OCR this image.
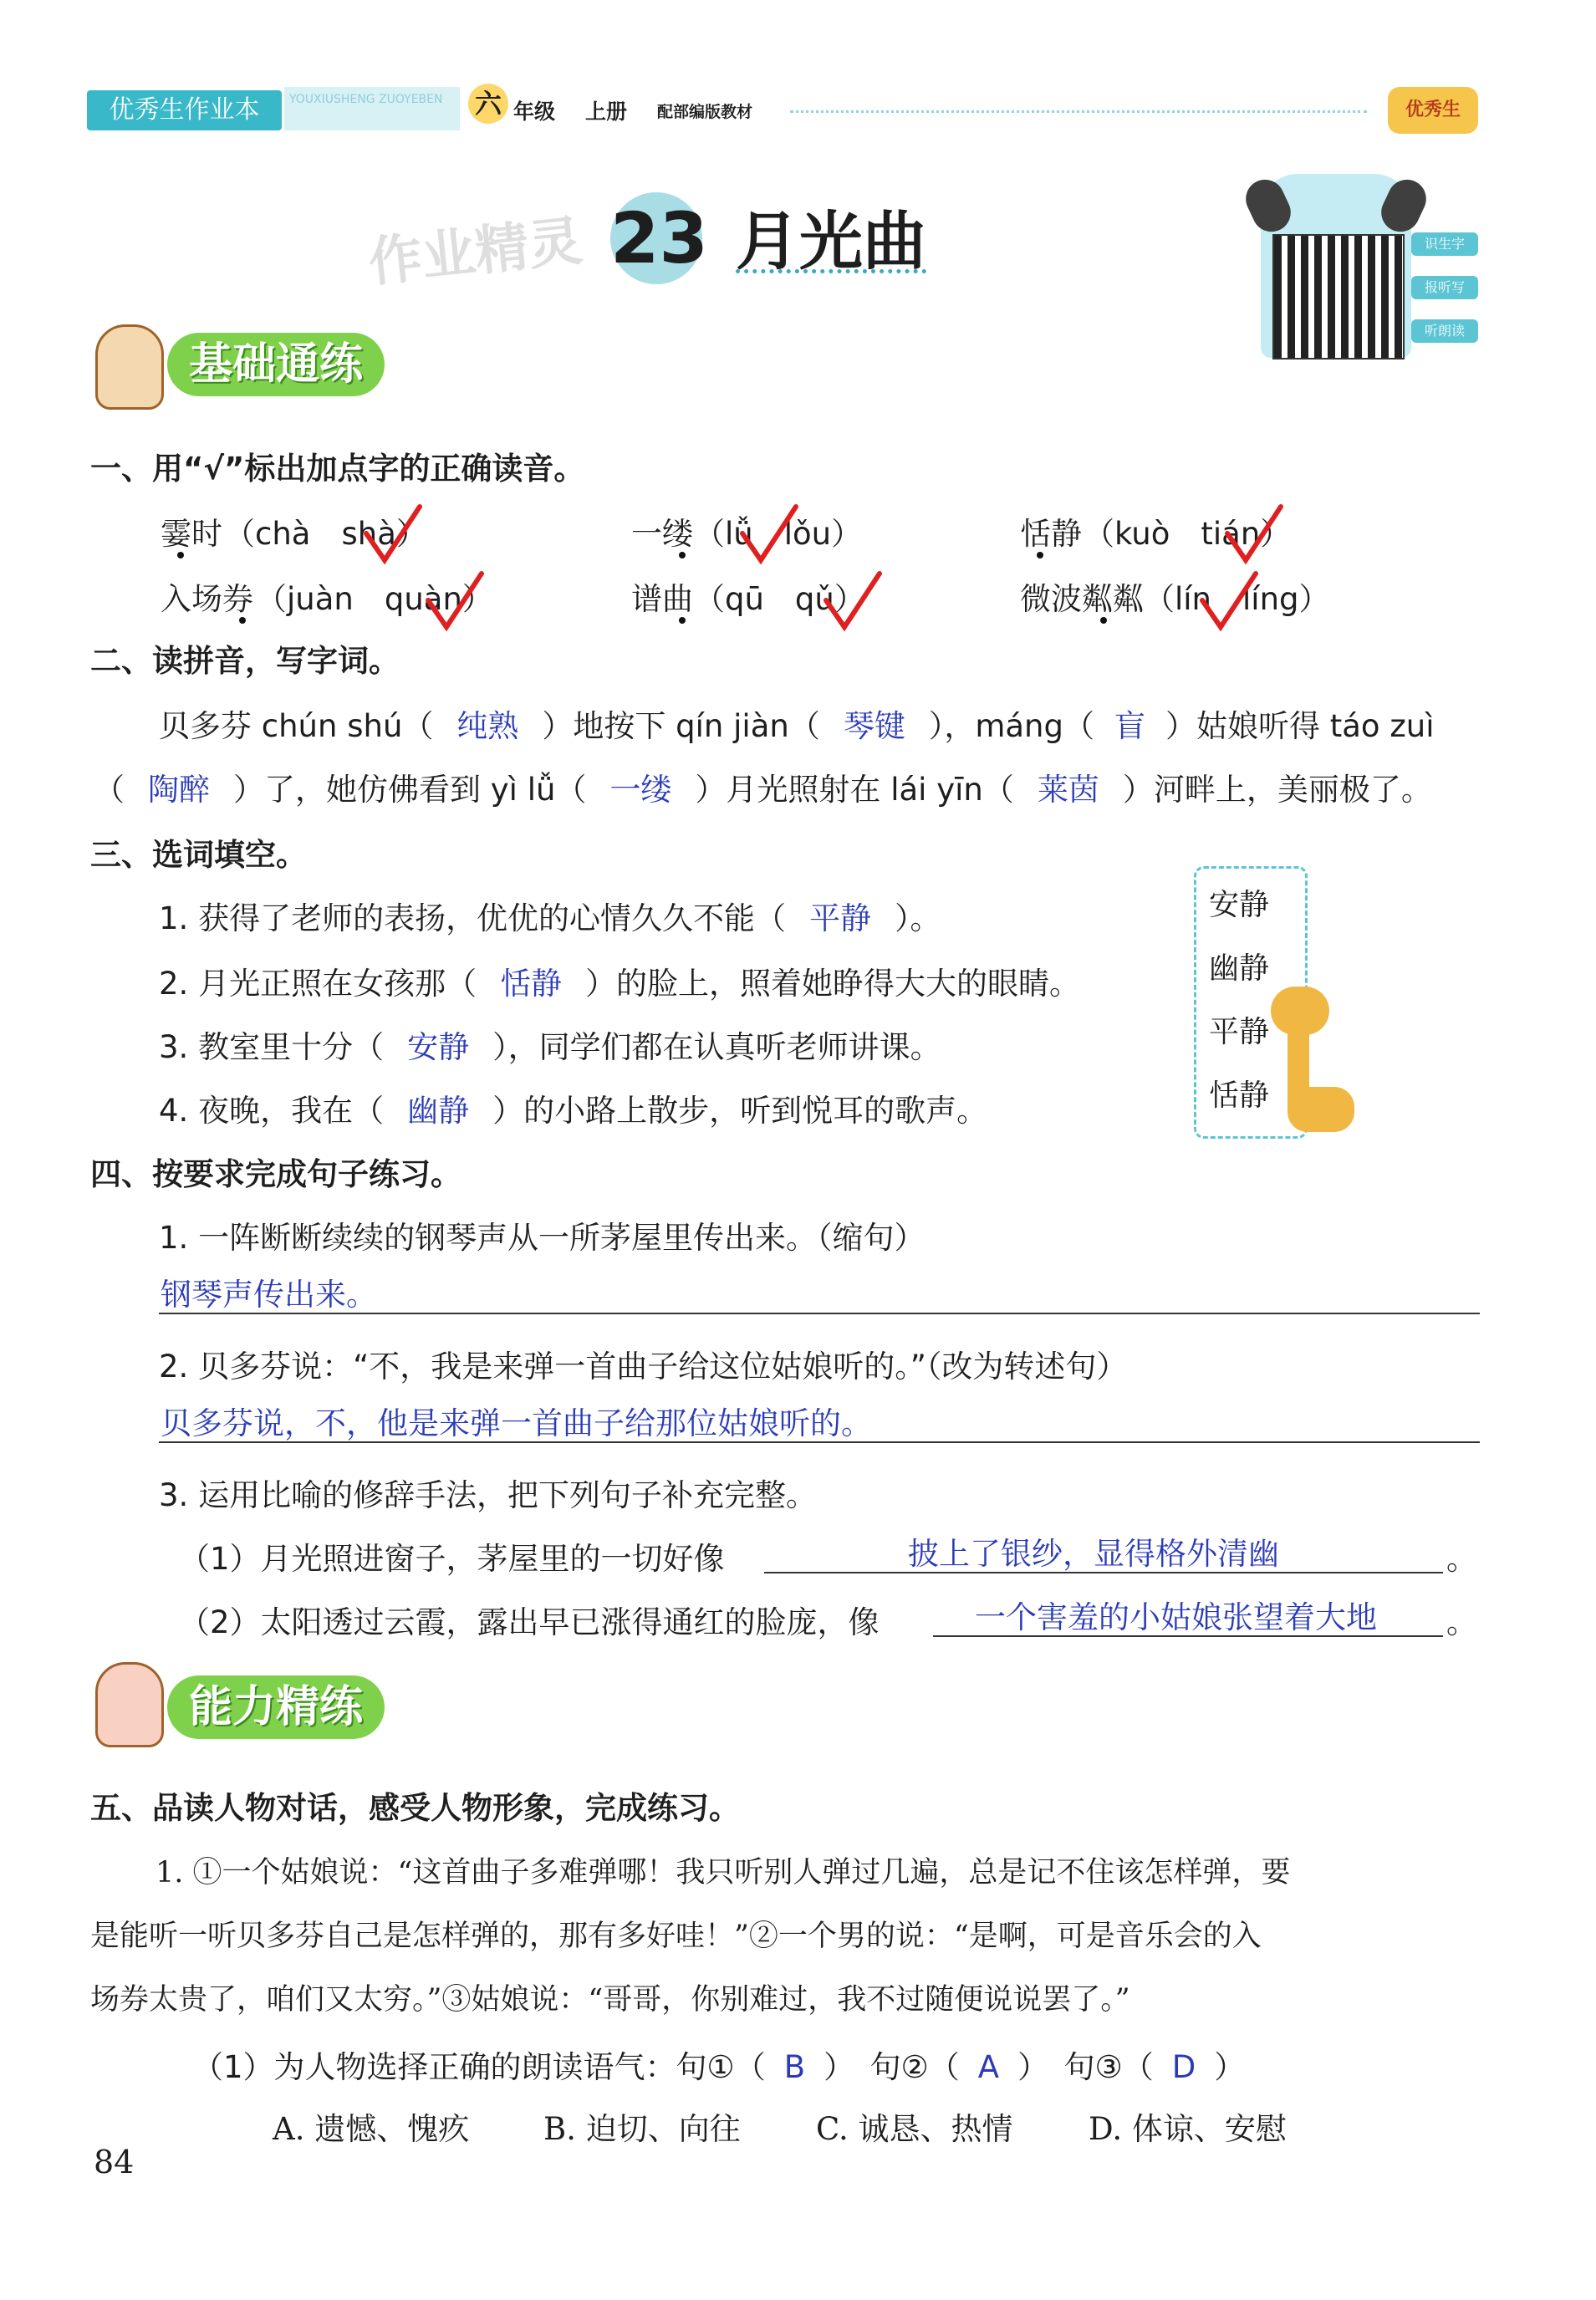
优秀生作业本	YOUXIUSHENG ZUOYEBEN	六 年级 上册 配部编版教材	优秀生
作业精灵 23 月光曲	识生字
报听写
听朗读
基础通练
一、用“√”标出加点字的正确读音。
霎时 （chà　shà）	一缕 （lǚ　lǒu）	恬静 （kuò　tián）
入场券 （juàn　quàn）	谱曲 （qū　qǔ）	微波粼粼 （lín　líng）
二、读拼音，写字词。
贝多芬 chún shú（ 纯熟 ）地按下 qín jiàn（ 琴键 ），máng（ 盲 ）姑娘听得 táo zuì
（ 陶醉 ）了，她仿佛看到 yì lǚ（ 一缕 ）月光照射在 lái yīn（ 莱茵 ）河畔上，美丽极了。
三、选词填空。
1. 获得了老师的表扬，优优的心情久久不能（ 平静 ）。
2. 月光正照在女孩那（ 恬静 ）的脸上，照着她睁得大大的眼睛。
3. 教室里十分（ 安静 ），同学们都在认真听老师讲课。
4. 夜晚，我在（ 幽静 ）的小路上散步，听到悦耳的歌声。
安静
幽静
平静
恬静
四、按要求完成句子练习。
1. 一阵断断续续的钢琴声从一所茅屋里传出来。（缩句）
钢琴声传出来。
2. 贝多芬说：“不，我是来弹一首曲子给这位姑娘听的。”（改为转述句）
贝多芬说，不，他是来弹一首曲子给那位姑娘听的。
3. 运用比喻的修辞手法，把下列句子补充完整。
（1）月光照进窗子，茅屋里的一切好像	披上了银纱，显得格外清幽	。
（2）太阳透过云霞，露出早已涨得通红的脸庞，像	一个害羞的小姑娘张望着大地 。
能力精练
五、品读人物对话，感受人物形象，完成练习。
1. ①一个姑娘说：“这首曲子多难弹哪！我只听别人弹过几遍，总是记不住该怎样弹，要
是能听一听贝多芬自己是怎样弹的，那有多好哇！”②一个男的说：“是啊，可是音乐会的入
场券太贵了，咱们又太穷。”③姑娘说：“哥哥，你别难过，我不过随便说说罢了。”
（1）为人物选择正确的朗读语气：句①（ B ）　句②（ A ）　句③（ D ）
A. 遗憾、愧疚 B. 迫切、向往 C. 诚恳、热情 D. 体谅、安慰
84
